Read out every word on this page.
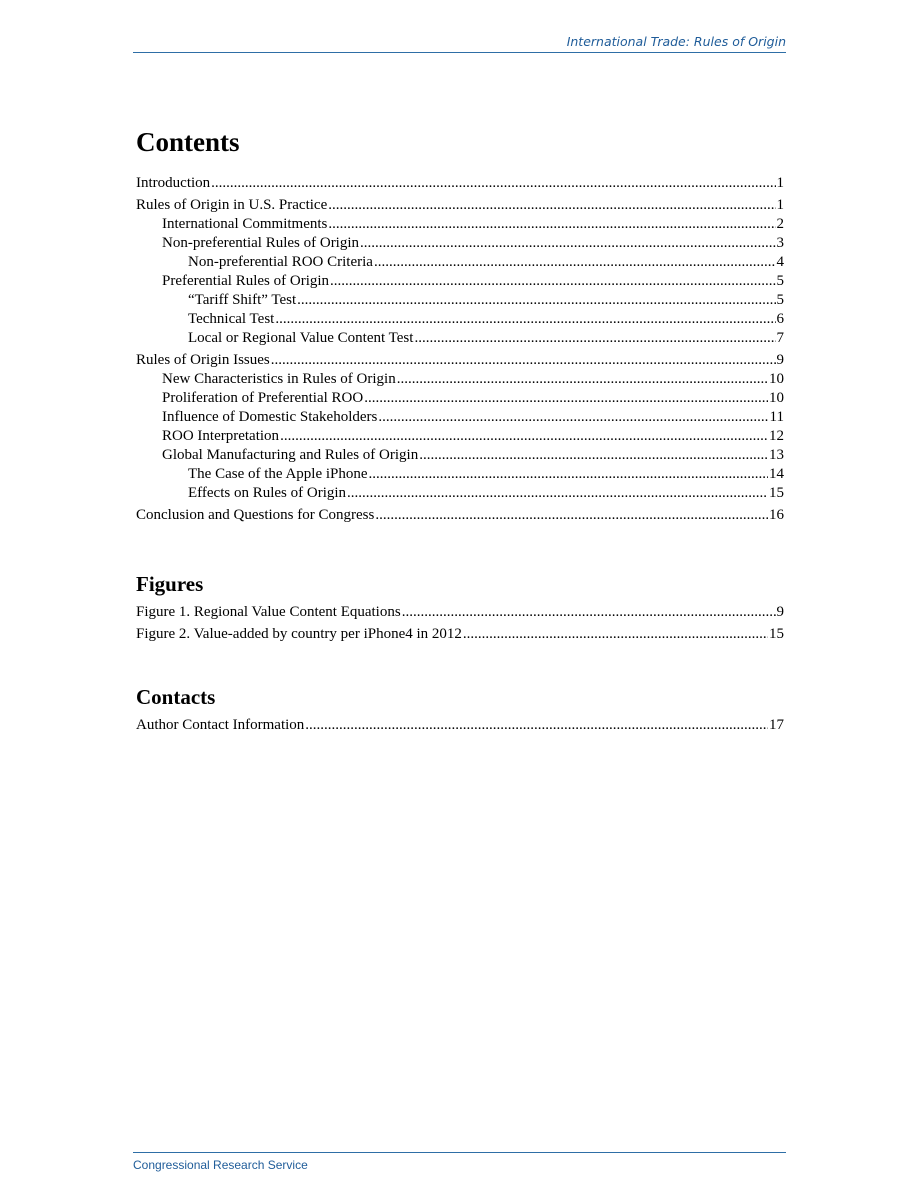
International Trade: Rules of Origin
Contents
Introduction .....	1
Rules of Origin in U.S. Practice .....	1
International Commitments .....	2
Non-preferential Rules of Origin .....	3
Non-preferential ROO Criteria .....	4
Preferential Rules of Origin .....	5
“Tariff Shift” Test .....	5
Technical Test .....	6
Local or Regional Value Content Test .....	7
Rules of Origin Issues .....	9
New Characteristics in Rules of Origin .....	10
Proliferation of Preferential ROO .....	10
Influence of Domestic Stakeholders .....	11
ROO Interpretation .....	12
Global Manufacturing and Rules of Origin .....	13
The Case of the Apple iPhone .....	14
Effects on Rules of Origin .....	15
Conclusion and Questions for Congress .....	16
Figures
Figure 1. Regional Value Content Equations .....	9
Figure 2. Value-added by country per iPhone4 in 2012 .....	15
Contacts
Author Contact Information .....	17
Congressional Research Service
